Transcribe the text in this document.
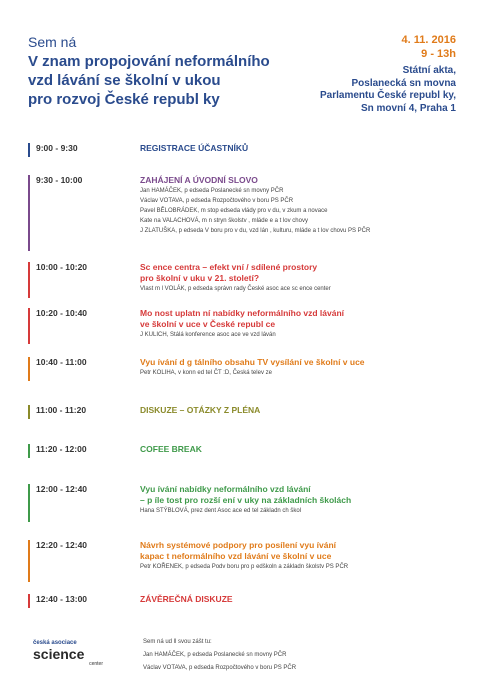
Sem ná
V znam propojování neformálního
vzd lávání se školní v ukou
pro rozvoj České republ ky
4. 11. 2016
9 - 13h
Státní akta,
Poslanecká sn movna
Parlamentu České republ ky,
Sn movní 4, Praha 1
9:00 - 9:30	REGISTRACE ÚČASTNÍKŮ
9:30 - 10:00	ZAHÁJENÍ A ÚVODNÍ SLOVO
Jan HAMÁČEK, p edseda Poslanecké sn movny PČR
Václav VOTAVA, p edseda Rozpočtového v boru PS PČR
Pavel BĚLOBRÁDEK, m stop edseda vlády pro v du, v zkum a novace
Kate na VALACHOVÁ, m n stryn školstv , mláde e a t lov chovy
J ZLATUŠKA, p edseda V boru pro v du, vzd lán , kulturu, mláde a t lov chovu PS PČR
10:00 - 10:20	Sc ence centra – efekt vní / sdílené prostory
pro školní v uku v 21. století?
Vlast m l VOLÁK, p edseda správn rady České asoc ace sc ence center
10:20 - 10:40	Mo nost uplatn ní nabídky neformálního vzd lávání
ve školní v uce v České republ ce
J KULICH, Stálá konference asoc ace ve vzd láván
10:40 - 11:00	Vyu ívání d g tálního obsahu TV vysílání ve školní v uce
Petr KOLIHA, v konn ed tel ČT :D, Česká telev ze
11:00 - 11:20	DISKUZE – OTÁZKY Z PLÉNA
11:20 - 12:00	COFEE BREAK
12:00 - 12:40	Vyu ívání nabídky neformálního vzd lávání
– p íle tost pro rozší ení v uky na základních školách
Hana STÝBLOVÁ, prez dent Asoc ace ed tel základn ch škol
12:20 - 12:40	Návrh systémové podpory pro posílení vyu ívání
kapac t neformálního vzd lávání ve školní v uce
Petr KOŘENEK, p edseda Podv boru pro p edškoln a základn školstv PS PČR
12:40 - 13:00	ZÁVĚREČNÁ DISKUZE
česká asociace
science
center
Sem ná ud ll svou zášt tu:
Jan HAMÁČEK, p edseda Poslanecké sn movny PČR
Václav VOTAVA, p edseda Rozpočtového v boru PS PČR
